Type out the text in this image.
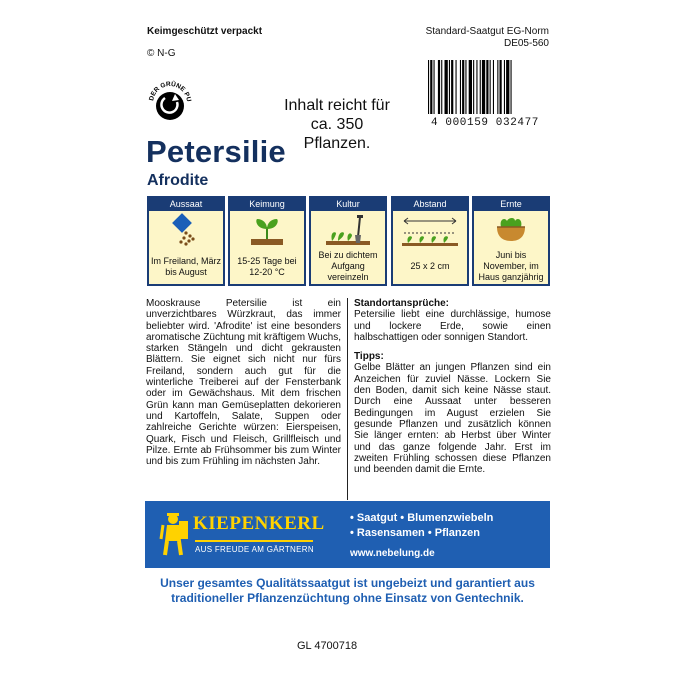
Keimgeschützt verpackt
© N-G
Standard-Saatgut EG-Norm
DE05-560
DER GRÜNE PU
4 000159 032477
Inhalt reicht für
ca. 350 Pflanzen.
Petersilie
Afrodite
Aussaat
Im Freiland, März bis August
Keimung
15-25 Tage bei 12-20 °C
Kultur
Bei zu dichtem Aufgang vereinzeln
Abstand
25 x 2 cm
Ernte
Juni bis November, im Haus ganzjährig
Mooskrause Petersilie ist ein unverzichtbares Würzkraut, das immer beliebter wird. 'Afrodite' ist eine besonders aromatische Züchtung mit kräftigem Wuchs, starken Stängeln und dicht gekrausten Blättern. Sie eignet sich nicht nur fürs Freiland, sondern auch gut für die winterliche Treiberei auf der Fensterbank oder im Gewächshaus. Mit dem frischen Grün kann man Gemüseplatten dekorieren und Kartoffeln, Salate, Suppen oder zahlreiche Gerichte würzen: Eierspeisen, Quark, Fisch und Fleisch, Grillfleisch und Pilze. Ernte ab Frühsommer bis zum Winter und bis zum Frühling im nächsten Jahr.
Standortansprüche:
Petersilie liebt eine durchlässige, humose und lockere Erde, sowie einen halbschattigen oder sonnigen Standort.
Tipps:
Gelbe Blätter an jungen Pflanzen sind ein Anzeichen für zuviel Nässe. Lockern Sie den Boden, damit sich keine Nässe staut. Durch eine Aussaat unter besseren Bedingungen im August erzielen Sie gesunde Pflanzen und zusätzlich können Sie länger ernten: ab Herbst über Winter und das ganze folgende Jahr. Erst im zweiten Frühling schossen diese Pflanzen und beenden damit die Ernte.
KIEPENKERL
AUS FREUDE AM GÄRTNERN
• Saatgut • Blumenzwiebeln
• Rasensamen • Pflanzen
www.nebelung.de
Unser gesamtes Qualitätssaatgut ist ungebeizt und garantiert aus
traditioneller Pflanzenzüchtung ohne Einsatz von Gentechnik.
GL 4700718
